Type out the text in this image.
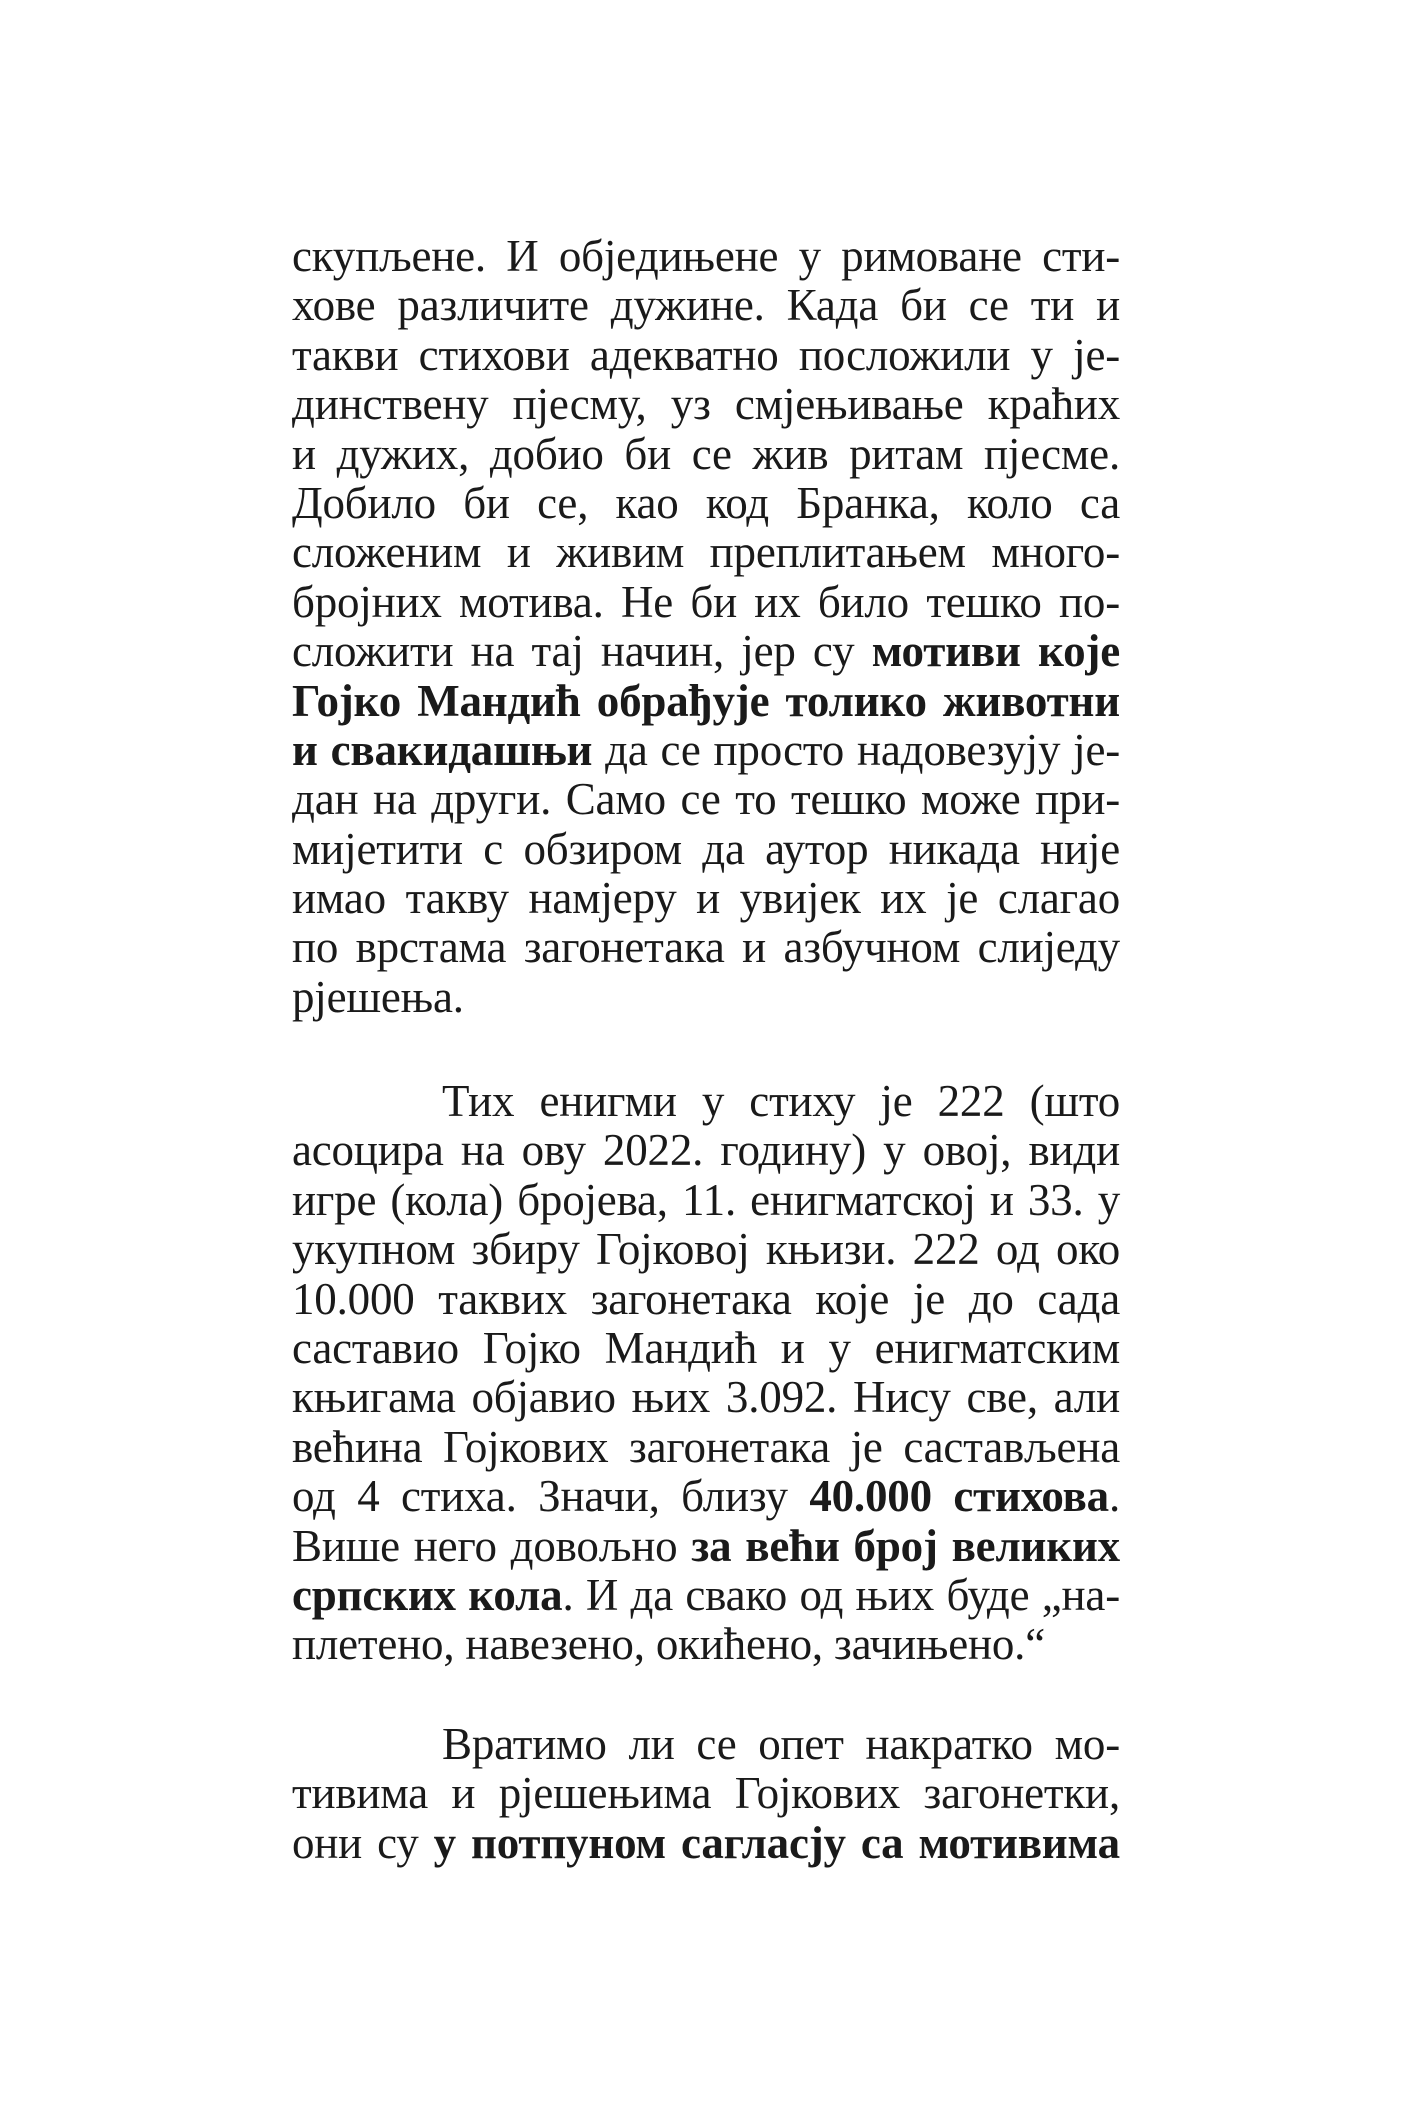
скупљене. И објeдињене у римоване сти-
хове различите дужине. Када би се ти и
такви стихови адекватно посложили у је-
динствену пјесму, уз смјењивање краћих
и дужих, добио би се жив ритам пјесме.
Добило би се, као код Бранка, коло са
сложеним и живим преплитањем много-
бројних мотива. Не би их било тешко по-
сложити на тај начин, јер су мотиви које
Гојко Мандић обрађује толико животни
и свакидашњи да се просто надовезују је-
дан на други. Само се то тешко може при-
мијетити с обзиром да аутор никада није
имао такву намјеру и увијек их је слагао
по врстама загонетака и азбучном слиједу
рјешења.
Тих енигми у стиху је 222 (што
асоцира на ову 2022. годину) у овој, види
игре (кола) бројева, 11. енигматској и 33. у
укупном збиру Гојковој књизи. 222 од око
10.000 таквих загонетака које је до сада
саставио Гојко Мандић и у енигматским
књигама објавио њих 3.092. Нису све, али
већина Гојкових загонетака је састављена
од 4 стиха. Значи, близу 40.000 стихова.
Више него довољно за већи број великих
српских кола. И да свако од њих буде „на-
плетено, навезено, окићено, зачињено.“
Вратимо ли се опет накратко мо-
тивима и рјешењима Гојкових загонетки,
они су у потпуном сагласју са мотивима
